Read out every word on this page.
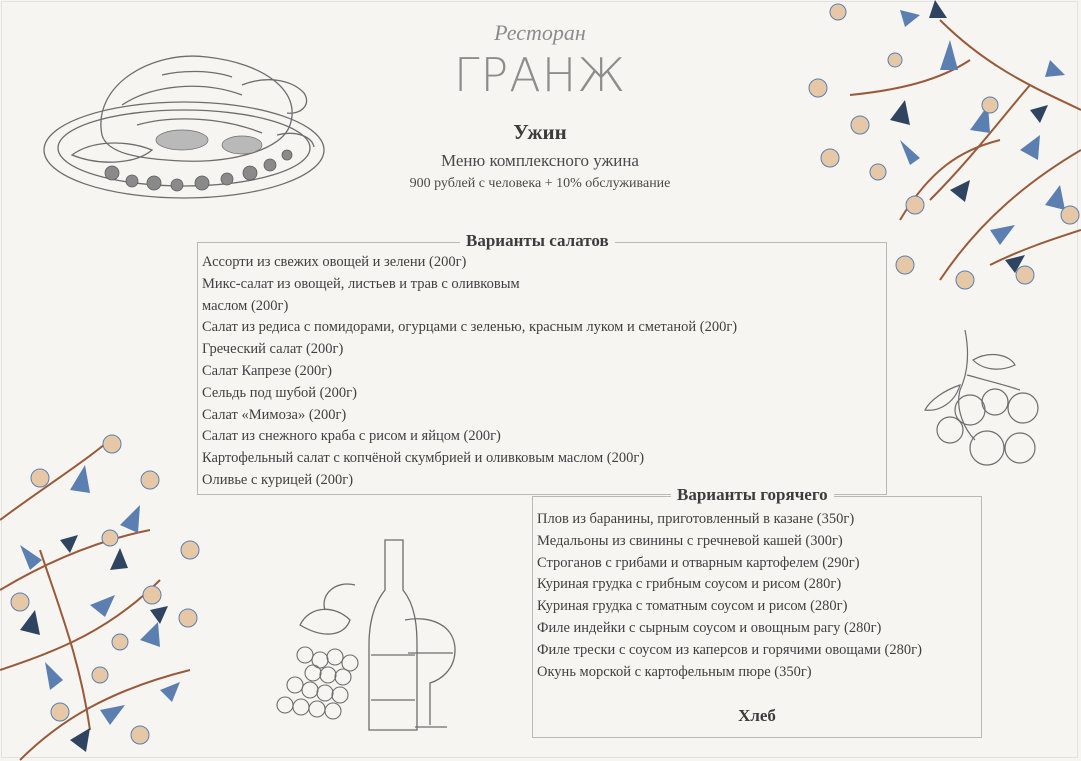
Ресторан
ГРАНЖ
Ужин
Меню комплексного ужина
900 рублей с человека + 10% обслуживание
Варианты салатов
Ассорти из свежих овощей и зелени (200г)
Микс-салат из овощей, листьев и трав с оливковым
маслом (200г)
Салат из редиса с помидорами, огурцами с зеленью, красным луком и сметаной (200г)
Греческий салат (200г)
Салат Капрезе (200г)
Сельдь под шубой (200г)
Салат «Мимоза» (200г)
Салат из снежного краба с рисом и яйцом (200г)
Картофельный салат с копчёной скумбрией и оливковым маслом (200г)
Оливье с курицей (200г)
Варианты горячего
Плов из баранины, приготовленный в казане (350г)
Медальоны из свинины с гречневой кашей (300г)
Строганов с грибами и отварным картофелем (290г)
Куриная грудка с грибным соусом и рисом (280г)
Куриная грудка с томатным соусом и рисом (280г)
Филе индейки с сырным соусом и овощным рагу (280г)
Филе трески с соусом из каперсов и горячими овощами (280г)
Окунь морской с картофельным пюре (350г)
Хлеб
